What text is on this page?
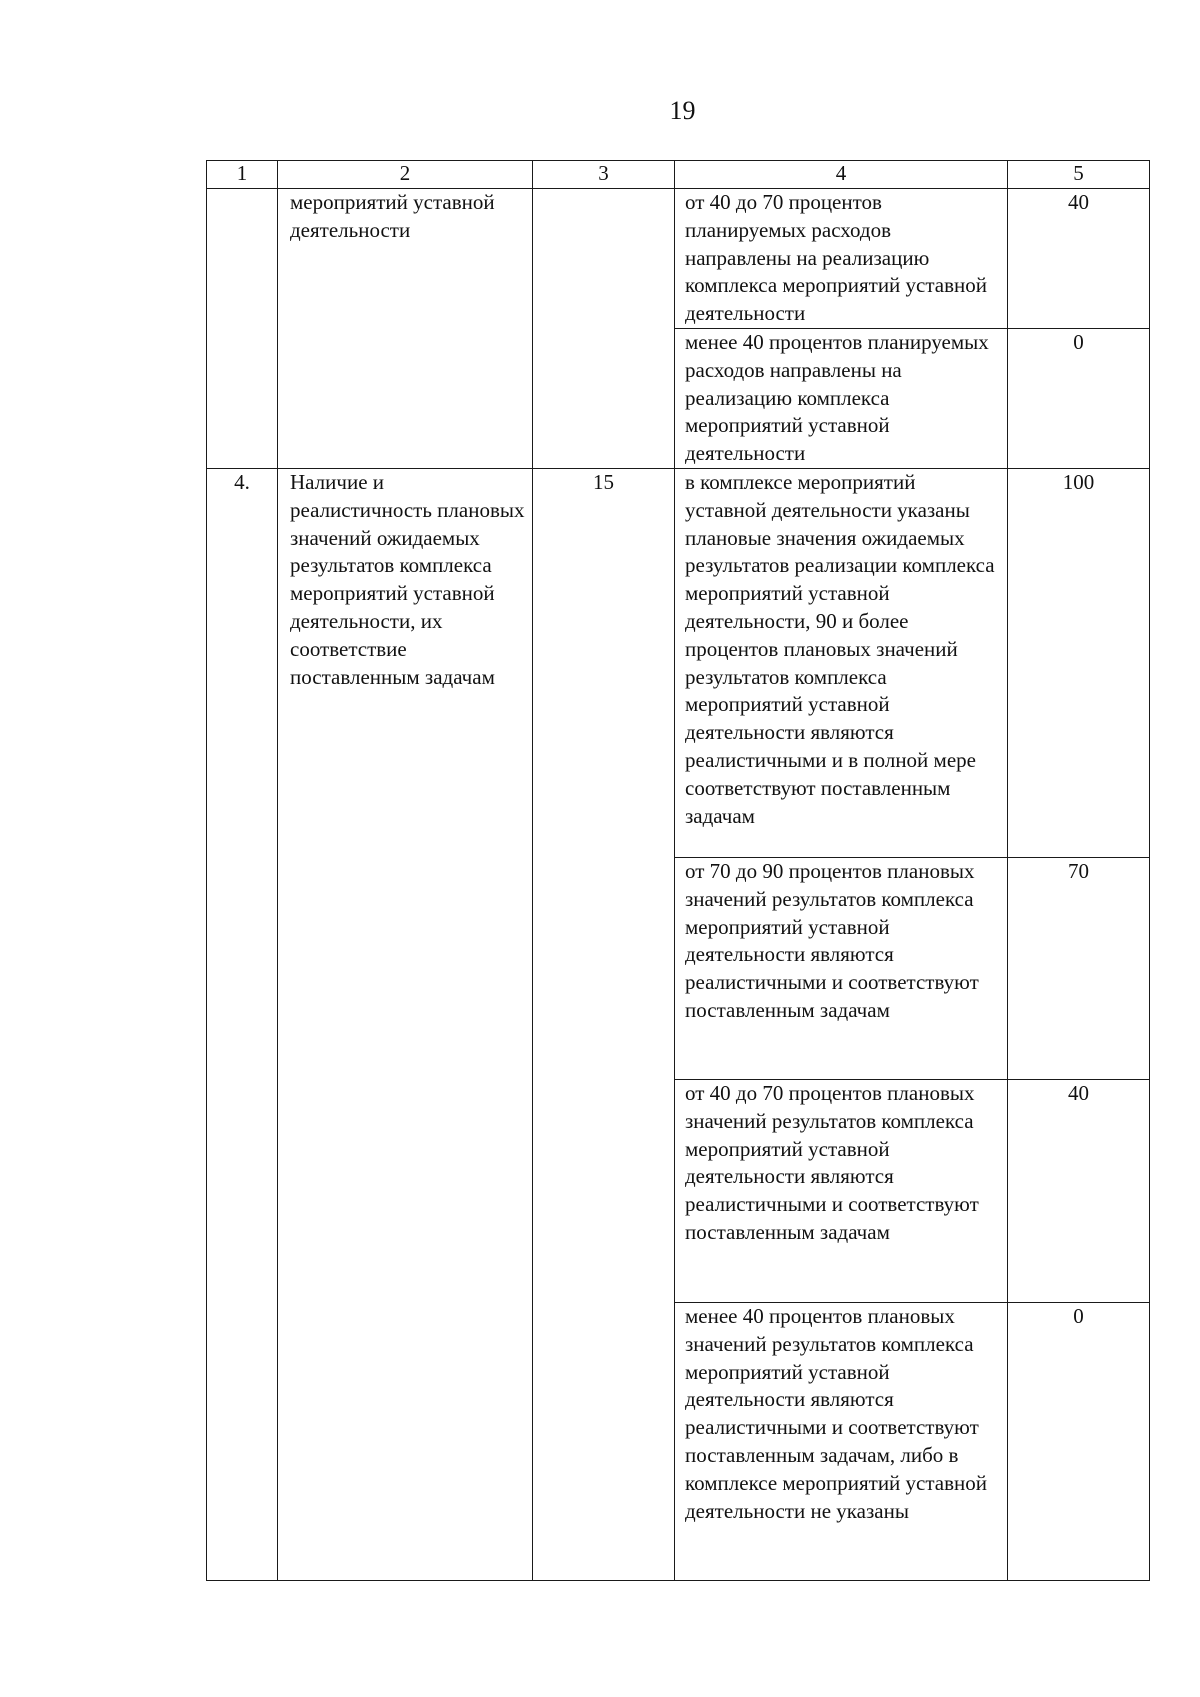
19
1	2	3	4	5
	мероприятий уставной деятельности		от 40 до 70 процентов планируемых расходов направлены на реализацию комплекса мероприятий уставной деятельности	40
			менее 40 процентов планируемых расходов направлены на реализацию комплекса мероприятий уставной деятельности	0
4.	Наличие и реалистичность плановых значений ожидаемых результатов комплекса мероприятий уставной деятельности, их соответствие поставленным задачам	15	в комплексе мероприятий уставной деятельности указаны плановые значения ожидаемых результатов реализации комплекса мероприятий уставной деятельности, 90 и более процентов плановых значений результатов комплекса мероприятий уставной деятельности являются реалистичными и в полной мере соответствуют поставленным задачам	100
			от 70 до 90 процентов плановых значений результатов комплекса мероприятий уставной деятельности являются реалистичными и соответствуют поставленным задачам	70
			от 40 до 70 процентов плановых значений результатов комплекса мероприятий уставной деятельности являются реалистичными и соответствуют поставленным задачам	40
			менее 40 процентов плановых значений результатов комплекса мероприятий уставной деятельности являются реалистичными и соответствуют поставленным задачам, либо в комплексе мероприятий уставной деятельности не указаны	0
